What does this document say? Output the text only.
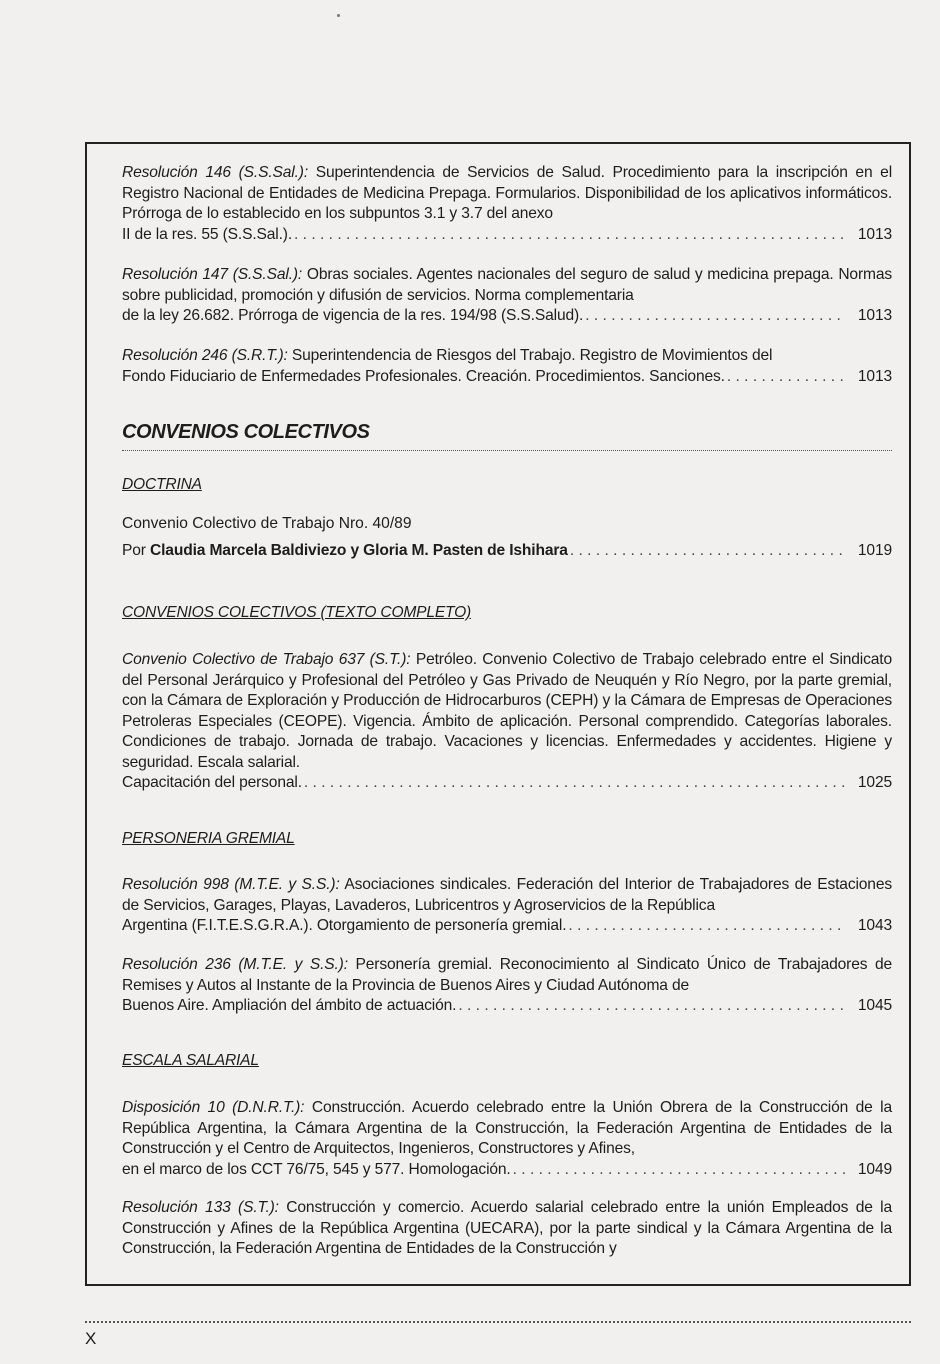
Resolución 146 (S.S.Sal.): Superintendencia de Servicios de Salud. Procedimiento para la inscripción en el Registro Nacional de Entidades de Medicina Prepaga. Formularios. Disponibilidad de los aplicativos informáticos. Prórroga de lo establecido en los subpuntos 3.1 y 3.7 del anexo
II de la res. 55 (S.S.Sal.). . . .	1013
Resolución 147 (S.S.Sal.): Obras sociales. Agentes nacionales del seguro de salud y medicina prepaga. Normas sobre publicidad, promoción y difusión de servicios. Norma complementaria
de la ley 26.682. Prórroga de vigencia de la res. 194/98 (S.S.Salud). . . .	1013
Resolución 246 (S.R.T.): Superintendencia de Riesgos del Trabajo. Registro de Movimientos del
Fondo Fiduciario de Enfermedades Profesionales. Creación. Procedimientos. Sanciones. . . .	1013
CONVENIOS COLECTIVOS
DOCTRINA
Convenio Colectivo de Trabajo Nro. 40/89
Por Claudia Marcela Baldiviezo y Gloria M. Pasten de Ishihara . . .	1019
CONVENIOS COLECTIVOS (TEXTO COMPLETO)
Convenio Colectivo de Trabajo 637 (S.T.): Petróleo. Convenio Colectivo de Trabajo celebrado entre el Sindicato del Personal Jerárquico y Profesional del Petróleo y Gas Privado de Neuquén y Río Negro, por la parte gremial, con la Cámara de Exploración y Producción de Hidrocarburos (CEPH) y la Cámara de Empresas de Operaciones Petroleras Especiales (CEOPE). Vigencia. Ámbito de aplicación. Personal comprendido. Categorías laborales. Condiciones de trabajo. Jornada de trabajo. Vacaciones y licencias. Enfermedades y accidentes. Higiene y seguridad. Escala salarial.
Capacitación del personal. . . .	1025
PERSONERIA GREMIAL
Resolución 998 (M.T.E. y S.S.): Asociaciones sindicales. Federación del Interior de Trabajadores de Estaciones de Servicios, Garages, Playas, Lavaderos, Lubricentros y Agroservicios de la República
Argentina (F.I.T.E.S.G.R.A.). Otorgamiento de personería gremial. . . .	1043
Resolución 236 (M.T.E. y S.S.): Personería gremial. Reconocimiento al Sindicato Único de Trabajadores de Remises y Autos al Instante de la Provincia de Buenos Aires y Ciudad Autónoma de
Buenos Aire. Ampliación del ámbito de actuación. . . .	1045
ESCALA SALARIAL
Disposición 10 (D.N.R.T.): Construcción. Acuerdo celebrado entre la Unión Obrera de la Construcción de la República Argentina, la Cámara Argentina de la Construcción, la Federación Argentina de Entidades de la Construcción y el Centro de Arquitectos, Ingenieros, Constructores y Afines,
en el marco de los CCT 76/75, 545 y 577. Homologación. . . .	1049
Resolución 133 (S.T.): Construcción y comercio. Acuerdo salarial celebrado entre la unión Empleados de la Construcción y Afines de la República Argentina (UECARA), por la parte sindical y la Cámara Argentina de la Construcción, la Federación Argentina de Entidades de la Construcción y
X
